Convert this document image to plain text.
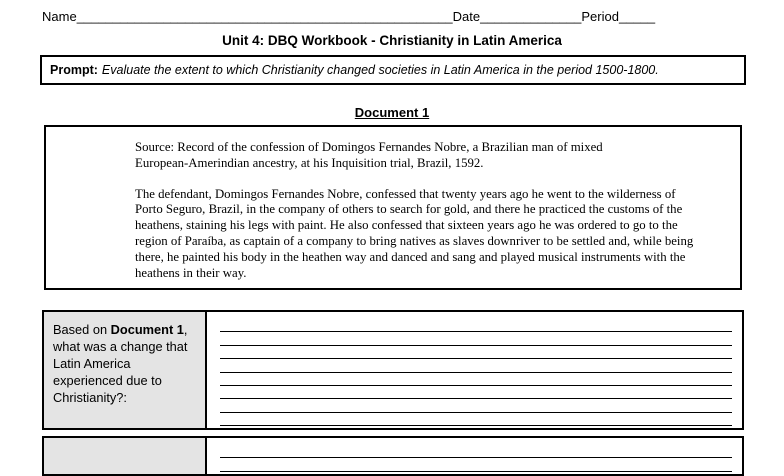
Name____________________________________________________Date______________Period_____
Unit 4: DBQ Workbook - Christianity in Latin America
Prompt: Evaluate the extent to which Christianity changed societies in Latin America in the period 1500-1800.
Document 1

Source: Record of the confession of Domingos Fernandes Nobre, a Brazilian man of mixed European-Amerindian ancestry, at his Inquisition trial, Brazil, 1592.

The defendant, Domingos Fernandes Nobre, confessed that twenty years ago he went to the wilderness of Porto Seguro, Brazil, in the company of others to search for gold, and there he practiced the customs of the heathens, staining his legs with paint. He also confessed that sixteen years ago he was ordered to go to the region of Paraíba, as captain of a company to bring natives as slaves downriver to be settled and, while being there, he painted his body in the heathen way and danced and sang and played musical instruments with the heathens in their way.

Based on Document 1, what was a change that Latin America experienced due to Christianity?:
